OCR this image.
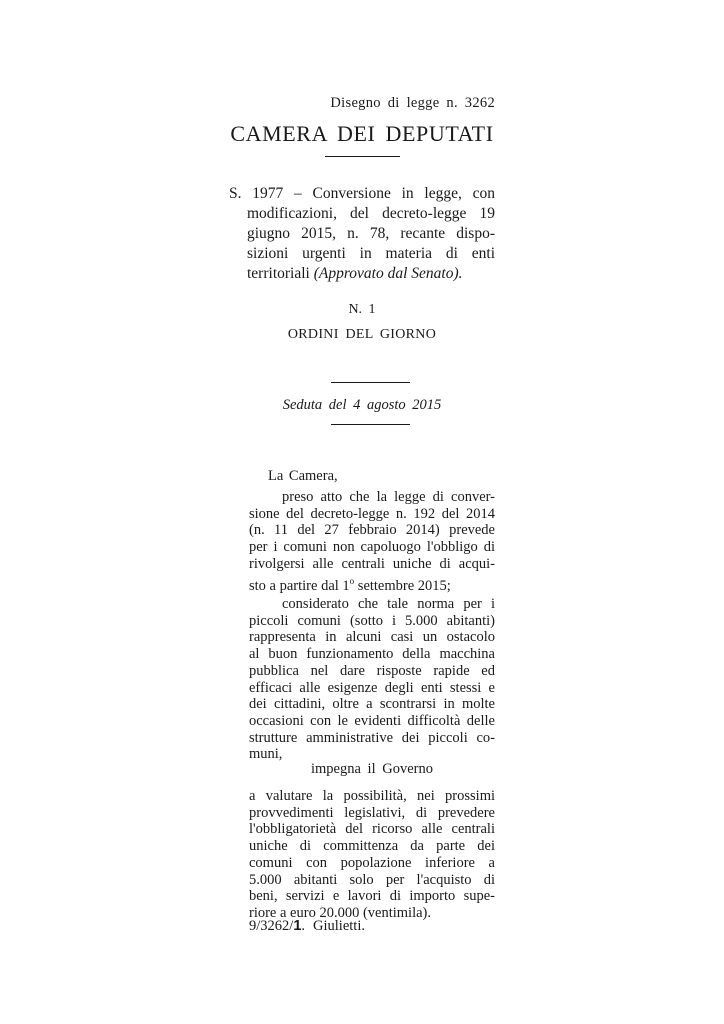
Disegno di legge n. 3262
CAMERA DEI DEPUTATI
S. 1977 – Conversione in legge, con
modificazioni, del decreto-legge 19
giugno 2015, n. 78, recante dispo-
sizioni urgenti in materia di enti
territoriali (Approvato dal Senato).
N. 1
ORDINI DEL GIORNO
Seduta del 4 agosto 2015
La Camera,
preso atto che la legge di conver-
sione del decreto-legge n. 192 del 2014
(n. 11 del 27 febbraio 2014) prevede
per i comuni non capoluogo l'obbligo di
rivolgersi alle centrali uniche di acqui-
sto a partire dal 1$^o$ settembre 2015;
considerato che tale norma per i
piccoli comuni (sotto i 5.000 abitanti)
rappresenta in alcuni casi un ostacolo
al buon funzionamento della macchina
pubblica nel dare risposte rapide ed
efficaci alle esigenze degli enti stessi e
dei cittadini, oltre a scontrarsi in molte
occasioni con le evidenti difficoltà delle
strutture amministrative dei piccoli co-
muni,
impegna il Governo
a valutare la possibilità, nei prossimi
provvedimenti legislativi, di prevedere
l'obbligatorietà del ricorso alle centrali
uniche di committenza da parte dei
comuni con popolazione inferiore a
5.000 abitanti solo per l'acquisto di
beni, servizi e lavori di importo supe-
riore a euro 20.000 (ventimila).
9/3262/1. Giulietti.
